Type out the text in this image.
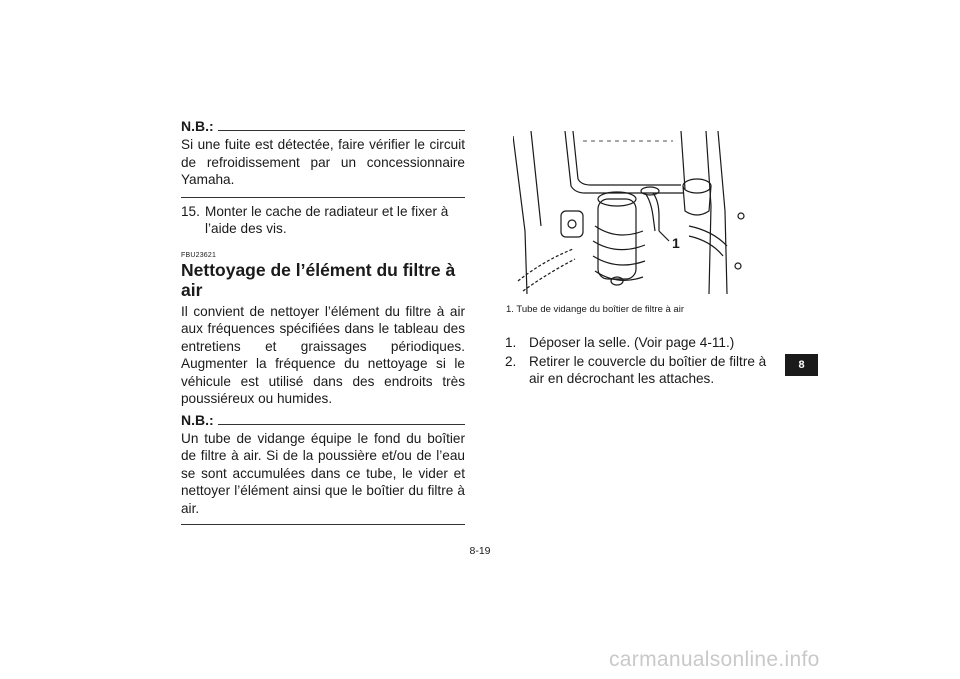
N.B.:
Si une fuite est détectée, faire vérifier le circuit de refroidissement par un concessionnaire Yamaha.
15. Monter le cache de radiateur et le fixer à l’aide des vis.
FBU23621
Nettoyage de l’élément du filtre à air
Il convient de nettoyer l’élément du filtre à air aux fréquences spécifiées dans le tableau des entretiens et graissages périodiques. Augmenter la fréquence du nettoyage si le véhicule est utilisé dans des endroits très poussiéreux ou humides.
N.B.:
Un tube de vidange équipe le fond du boîtier de filtre à air. Si de la poussière et/ou de l’eau se sont accumulées dans ce tube, le vider et nettoyer l’élément ainsi que le boîtier du filtre à air.
1
1. Tube de vidange du boîtier de filtre à air
1. Déposer la selle. (Voir page 4-11.)
2. Retirer le couvercle du boîtier de filtre à air en décrochant les attaches.
8
8-19
carmanualsonline.info
